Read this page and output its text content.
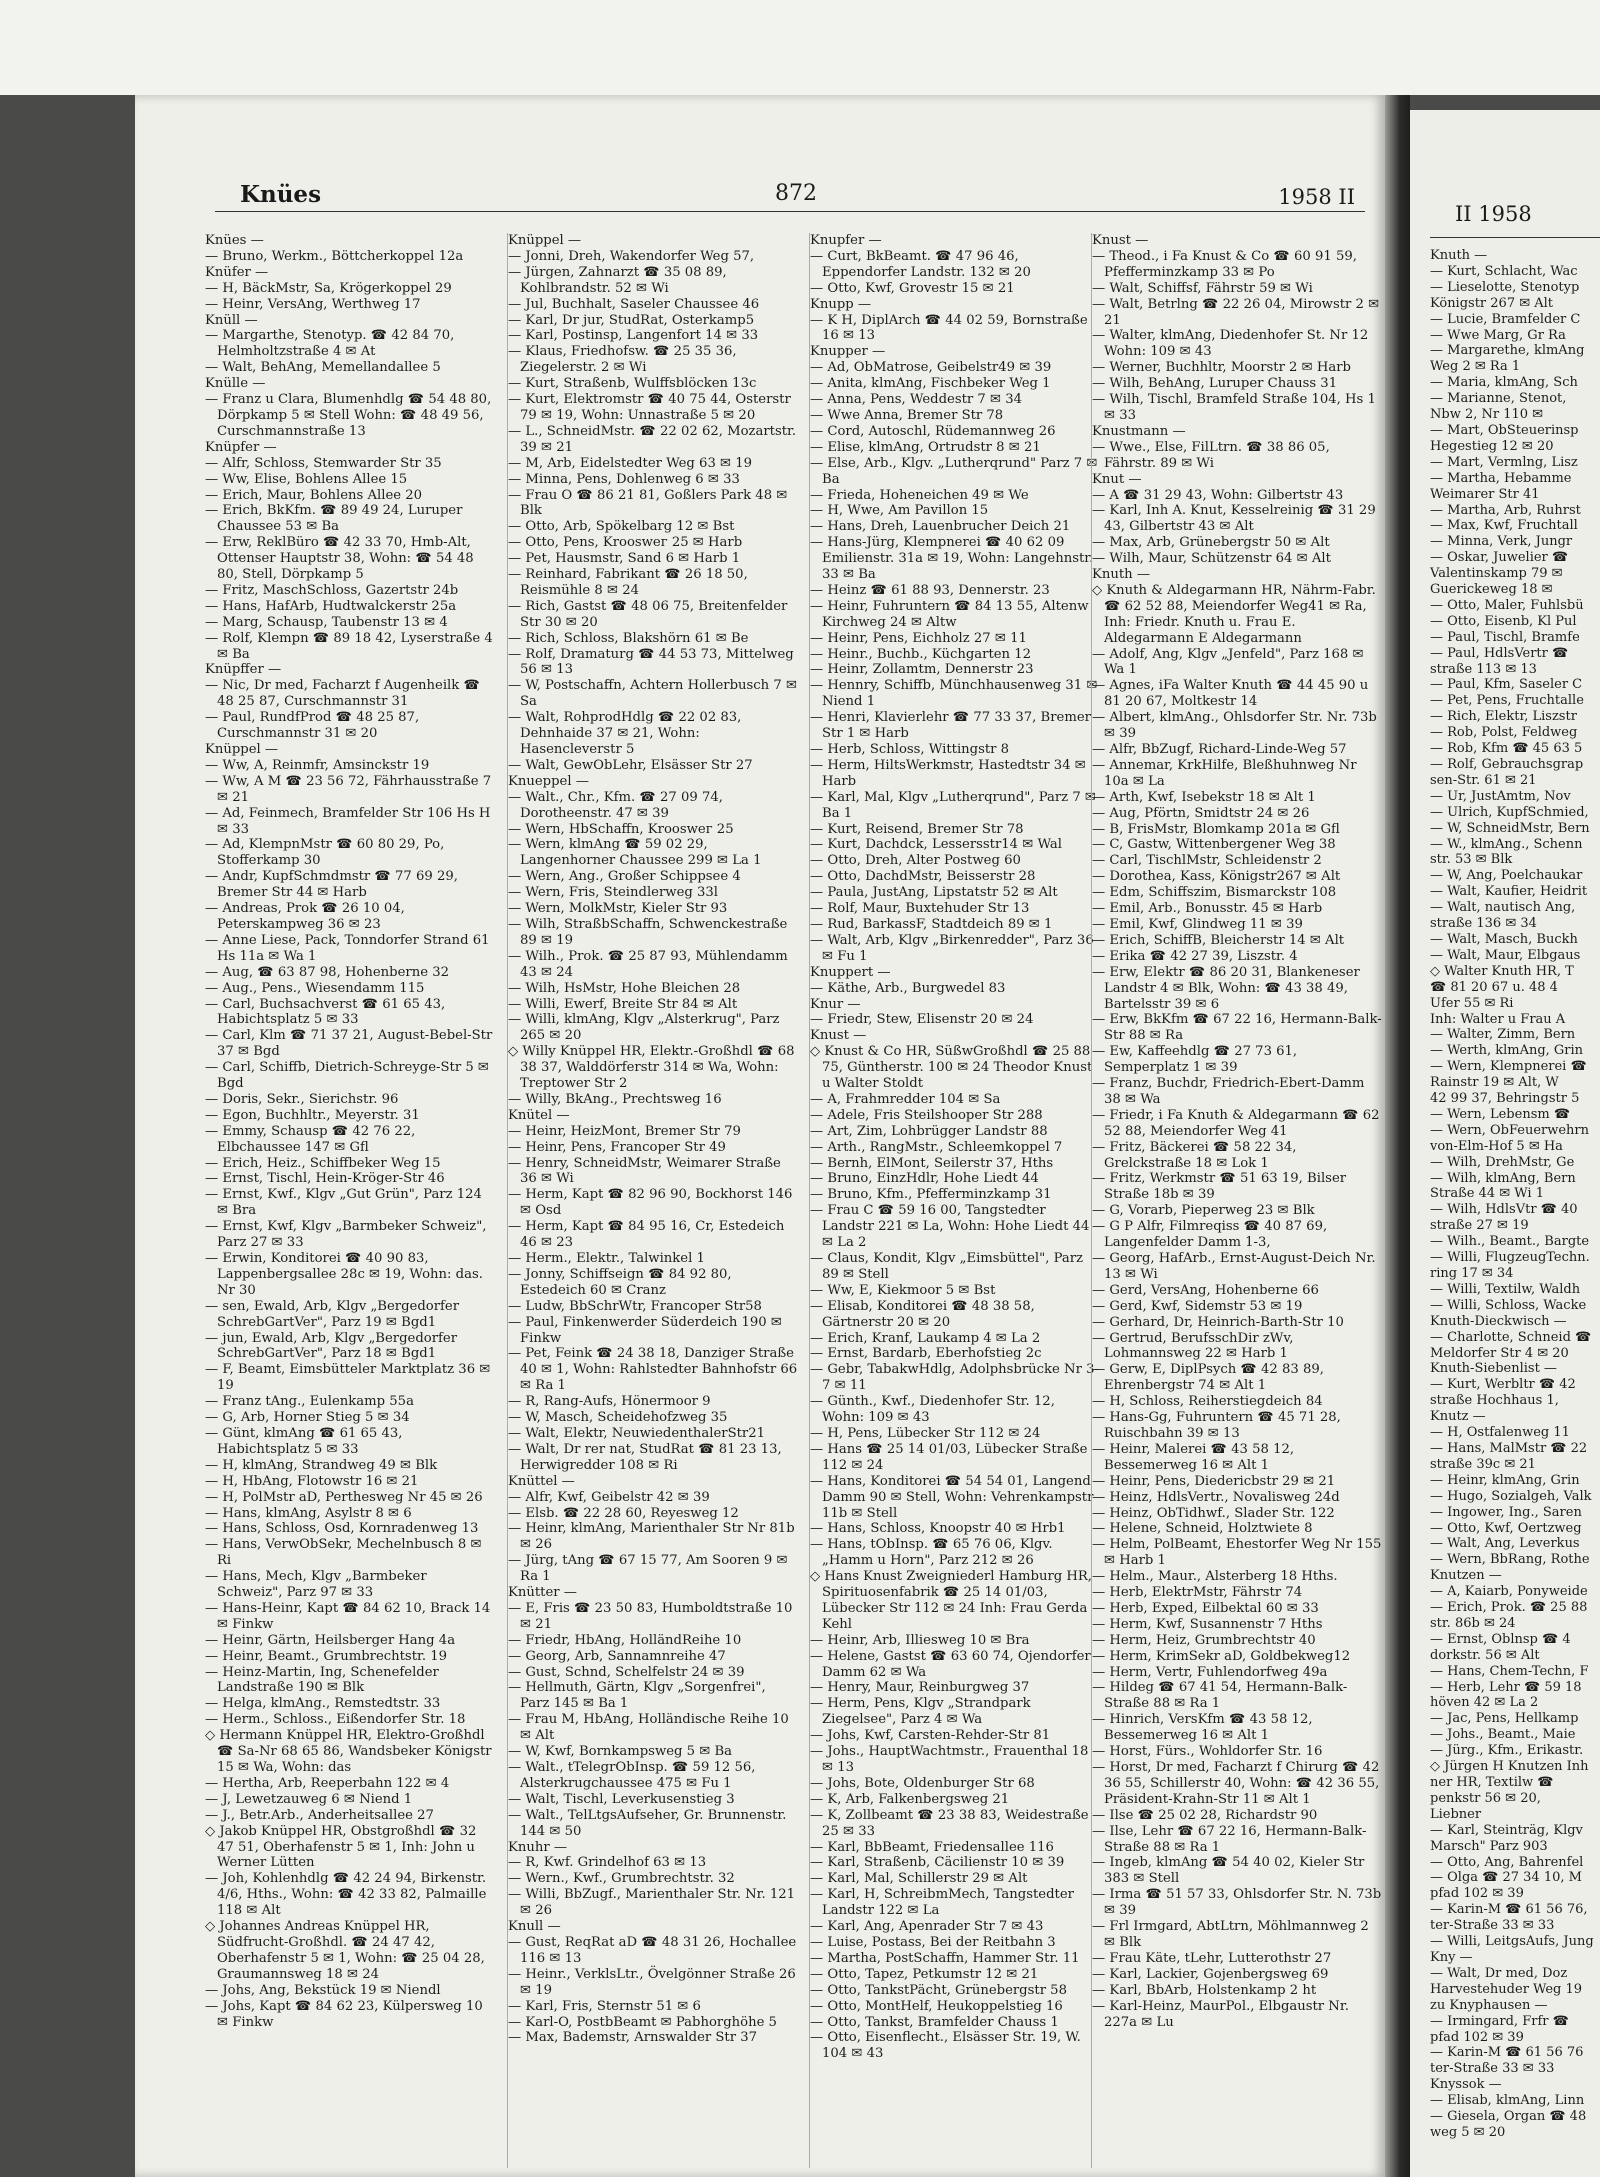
Knües	872	1958 II

Knües —

— Bruno, Werkm., Böttcherkoppel 12a

Knüfer —

— H, BäckMstr, Sa, Krögerkoppel 29

— Heinr, VersAng, Werthweg 17

Knüll —

— Margarthe, Stenotyp. ☎ 42 84 70, Helmholtzstraße 4 ✉ At

— Walt, BehAng, Memellandallee 5

Knülle —

— Franz u Clara, Blumenhdlg ☎ 54 48 80, Dörpkamp 5 ✉ Stell Wohn: ☎ 48 49 56, Curschmannstraße 13

Knüpfer —

— Alfr, Schloss, Stemwarder Str 35

— Ww, Elise, Bohlens Allee 15

— Erich, Maur, Bohlens Allee 20

— Erich, BkKfm. ☎ 89 49 24, Luruper Chaussee 53 ✉ Ba

— Erw, ReklBüro ☎ 42 33 70, Hmb-Alt, Ottenser Hauptstr 38, Wohn: ☎ 54 48 80, Stell, Dörpkamp 5

— Fritz, MaschSchloss, Gazertstr 24b

— Hans, HafArb, Hudtwalckerstr 25a

— Marg, Schausp, Taubenstr 13 ✉ 4

— Rolf, Klempn ☎ 89 18 42, Lyserstraße 4 ✉ Ba

Knüpffer —

— Nic, Dr med, Facharzt f Augenheilk ☎ 48 25 87, Curschmannstr 31

— Paul, RundfProd ☎ 48 25 87, Curschmannstr 31 ✉ 20

Knüppel —

— Ww, A, Reinmfr, Amsinckstr 19

— Ww, A M ☎ 23 56 72, Fährhausstraße 7 ✉ 21

— Ad, Feinmech, Bramfelder Str 106 Hs H ✉ 33

— Ad, KlempnMstr ☎ 60 80 29, Po, Stofferkamp 30

— Andr, KupfSchmdmstr ☎ 77 69 29, Bremer Str 44 ✉ Harb

— Andreas, Prok ☎ 26 10 04, Peterskampweg 36 ✉ 23

— Anne Liese, Pack, Tonndorfer Strand 61 Hs 11a ✉ Wa 1

— Aug, ☎ 63 87 98, Hohenberne 32

— Aug., Pens., Wiesendamm 115

— Carl, Buchsachverst ☎ 61 65 43, Habichtsplatz 5 ✉ 33

— Carl, Klm ☎ 71 37 21, August-Bebel-Str 37 ✉ Bgd

— Carl, Schiffb, Dietrich-Schreyge-Str 5 ✉ Bgd

— Doris, Sekr., Sierichstr. 96

— Egon, Buchhltr., Meyerstr. 31

— Emmy, Schausp ☎ 42 76 22, Elbchaussee 147 ✉ Gfl

— Erich, Heiz., Schiffbeker Weg 15

— Ernst, Tischl, Hein-Kröger-Str 46

— Ernst, Kwf., Klgv „Gut Grün", Parz 124 ✉ Bra

— Ernst, Kwf, Klgv „Barmbeker Schweiz", Parz 27 ✉ 33

— Erwin, Konditorei ☎ 40 90 83, Lappenbergsallee 28c ✉ 19, Wohn: das. Nr 30

— sen, Ewald, Arb, Klgv „Bergedorfer SchrebGartVer", Parz 19 ✉ Bgd1

— jun, Ewald, Arb, Klgv „Bergedorfer SchrebGartVer", Parz 18 ✉ Bgd1

— F, Beamt, Eimsbütteler Marktplatz 36 ✉ 19

— Franz tAng., Eulenkamp 55a

— G, Arb, Horner Stieg 5 ✉ 34

— Günt, klmAng ☎ 61 65 43, Habichtsplatz 5 ✉ 33

— H, klmAng, Strandweg 49 ✉ Blk

— H, HbAng, Flotowstr 16 ✉ 21

— H, PolMstr aD, Perthesweg Nr 45 ✉ 26

— Hans, klmAng, Asylstr 8 ✉ 6

— Hans, Schloss, Osd, Kornradenweg 13

— Hans, VerwObSekr, Mechelnbusch 8 ✉ Ri

— Hans, Mech, Klgv „Barmbeker Schweiz", Parz 97 ✉ 33

— Hans-Heinr, Kapt ☎ 84 62 10, Brack 14 ✉ Finkw

— Heinr, Gärtn, Heilsberger Hang 4a

— Heinr, Beamt., Grumbrechtstr. 19

— Heinz-Martin, Ing, Schenefelder Landstraße 190 ✉ Blk

— Helga, klmAng., Remstedtstr. 33

— Herm., Schloss., Eißendorfer Str. 18

◇ Hermann Knüppel HR, Elektro-Großhdl ☎ Sa-Nr 68 65 86, Wandsbeker Königstr 15 ✉ Wa, Wohn: das

— Hertha, Arb, Reeperbahn 122 ✉ 4

— J, Lewetzauweg 6 ✉ Niend 1

— J., Betr.Arb., Anderheitsallee 27

◇ Jakob Knüppel HR, Obstgroßhdl ☎ 32 47 51, Oberhafenstr 5 ✉ 1, Inh: John u Werner Lütten

— Joh, Kohlenhdlg ☎ 42 24 94, Birkenstr. 4/6, Hths., Wohn: ☎ 42 33 82, Palmaille 118 ✉ Alt

◇ Johannes Andreas Knüppel HR, Südfrucht-Großhdl. ☎ 24 47 42, Oberhafenstr 5 ✉ 1, Wohn: ☎ 25 04 28, Graumannsweg 18 ✉ 24

— Johs, Ang, Bekstück 19 ✉ Niendl

— Johs, Kapt ☎ 84 62 23, Külpersweg 10 ✉ Finkw

Knüppel —

— Jonni, Dreh, Wakendorfer Weg 57,

— Jürgen, Zahnarzt ☎ 35 08 89, Kohlbrandstr. 52 ✉ Wi

— Jul, Buchhalt, Saseler Chaussee 46

— Karl, Dr jur, StudRat, Osterkamp5

— Karl, Postinsp, Langenfort 14 ✉ 33

— Klaus, Friedhofsw. ☎ 25 35 36, Ziegelerstr. 2 ✉ Wi

— Kurt, Straßenb, Wulffsblöcken 13c

— Kurt, Elektromstr ☎ 40 75 44, Osterstr 79 ✉ 19, Wohn: Unnastraße 5 ✉ 20

— L., SchneidMstr. ☎ 22 02 62, Mozartstr. 39 ✉ 21

— M, Arb, Eidelstedter Weg 63 ✉ 19

— Minna, Pens, Dohlenweg 6 ✉ 33

— Frau O ☎ 86 21 81, Goßlers Park 48 ✉ Blk

— Otto, Arb, Spökelbarg 12 ✉ Bst

— Otto, Pens, Krooswег 25 ✉ Harb

— Pet, Hausmstr, Sand 6 ✉ Harb 1

— Reinhard, Fabrikant ☎ 26 18 50, Reismühle 8 ✉ 24

— Rich, Gastst ☎ 48 06 75, Breitenfelder Str 30 ✉ 20

— Rich, Schloss, Blakshörn 61 ✉ Be

— Rolf, Dramaturg ☎ 44 53 73, Mittelweg 56 ✉ 13

— W, Postschaffn, Achtern Hollerbusch 7 ✉ Sa

— Walt, RohprodHdlg ☎ 22 02 83, Dehnhaide 37 ✉ 21, Wohn: Hasencleverstr 5

— Walt, GewObLehr, Elsässer Str 27

Knueppel —

— Walt., Chr., Kfm. ☎ 27 09 74, Dorotheenstr. 47 ✉ 39

— Wern, HbSchaffn, Krooswег 25

— Wern, klmAng ☎ 59 02 29, Langenhorner Chaussee 299 ✉ La 1

— Wern, Ang., Großer Schippsee 4

— Wern, Fris, Steindlerweg 33l

— Wern, MolkMstr, Kieler Str 93

— Wilh, StraßbSchaffn, Schwenckestraße 89 ✉ 19

— Wilh., Prok. ☎ 25 87 93, Mühlendamm 43 ✉ 24

— Wilh, HsMstr, Hohe Bleichen 28

— Willi, Ewerf, Breite Str 84 ✉ Alt

— Willi, klmAng, Klgv „Alsterkrug", Parz 265 ✉ 20

◇ Willy Knüppel HR, Elektr.-Großhdl ☎ 68 38 37, Walddörferstr 314 ✉ Wa, Wohn: Treptower Str 2

— Willy, BkAng., Prechtsweg 16

Knütel —

— Heinr, HeizMont, Bremer Str 79

— Heinr, Pens, Francoper Str 49

— Henry, SchneidMstr, Weimarer Straße 36 ✉ Wi

— Herm, Kapt ☎ 82 96 90, Bockhorst 146 ✉ Osd

— Herm, Kapt ☎ 84 95 16, Cr, Estedeich 46 ✉ 23

— Herm., Elektr., Talwinkel 1

— Jonny, Schiffseign ☎ 84 92 80, Estedeich 60 ✉ Cranz

— Ludw, BbSchrWtr, Francoper Str58

— Paul, Finkenwerder Süderdeich 190 ✉ Finkw

— Pet, Feink ☎ 24 38 18, Danziger Straße 40 ✉ 1, Wohn: Rahlstedter Bahnhofstr 66 ✉ Ra 1

— R, Rang-Aufs, Hönermoor 9

— W, Masch, Scheidehofzweg 35

— Walt, Elektr, NeuwiedenthalerStr21

— Walt, Dr rer nat, StudRat ☎ 81 23 13, Herwigredder 108 ✉ Ri

Knüttel —

— Alfr, Kwf, Geibelstr 42 ✉ 39

— Elsb. ☎ 22 28 60, Reyesweg 12

— Heinr, klmAng, Marienthaler Str Nr 81b ✉ 26

— Jürg, tAng ☎ 67 15 77, Am Sooren 9 ✉ Ra 1

Knütter —

— E, Fris ☎ 23 50 83, Humboldtstraße 10 ✉ 21

— Friedr, HbAng, HolländReihe 10

— Georg, Arb, Sannamnreihe 47

— Gust, Schnd, Schelfelstr 24 ✉ 39

— Hellmuth, Gärtn, Klgv „Sorgenfrei", Parz 145 ✉ Ba 1

— Frau M, HbAng, Holländische Reihe 10 ✉ Alt

— W, Kwf, Bornkampsweg 5 ✉ Ba

— Walt., tTelegrObInsp. ☎ 59 12 56, Alsterkrugchaussee 475 ✉ Fu 1

— Walt, Tischl, Leverkusenstieg 3

— Walt., TelLtgsAufseher, Gr. Brunnenstr. 144 ✉ 50

Knuhr —

— R, Kwf. Grindelhof 63 ✉ 13

— Wern., Kwf., Grumbrechtstr. 32

— Willi, BbZugf., Marienthaler Str. Nr. 121 ✉ 26

Knull —

— Gust, ReqRat aD ☎ 48 31 26, Hochallee 116 ✉ 13

— Heinr., VerklsLtr., Övelgönner Straße 26 ✉ 19

— Karl, Fris, Sternstr 51 ✉ 6

— Karl-O, PostbBeamt ✉ Pabhorghöhe 5

— Max, Bademstr, Arnswalder Str 37

Knupfer —

— Curt, BkBeamt. ☎ 47 96 46, Eppendorfer Landstr. 132 ✉ 20

— Otto, Kwf, Grovestr 15 ✉ 21

Knupp —

— K H, DiplArch ☎ 44 02 59, Bornstraße 16 ✉ 13

Knupper —

— Ad, ObMatrose, Geibelstr49 ✉ 39

— Anita, klmAng, Fischbeker Weg 1

— Anna, Pens, Weddestr 7 ✉ 34

— Wwe Anna, Bremer Str 78

— Cord, Autoschl, Rüdemannweg 26

— Elise, klmAng, Ortrudstr 8 ✉ 21

— Else, Arb., Klgv. „Lutherqrund" Parz 7 ✉ Ba

— Frieda, Hoheneichen 49 ✉ We

— H, Wwe, Am Pavillon 15

— Hans, Dreh, Lauenbrucher Deich 21

— Hans-Jürg, Klempnerei ☎ 40 62 09 Emilienstr. 31a ✉ 19, Wohn: Langehnstr. 33 ✉ Ba

— Heinz ☎ 61 88 93, Dennerstr. 23

— Heinr, Fuhruntern ☎ 84 13 55, Altenw Kirchweg 24 ✉ Altw

— Heinr, Pens, Eichholz 27 ✉ 11

— Heinr., Buchb., Küchgarten 12

— Heinr, Zollamtm, Dennerstr 23

— Hennry, Schiffb, Münchhausenweg 31 ✉ Niend 1

— Henri, Klavierlehr ☎ 77 33 37, Bremer Str 1 ✉ Harb

— Herb, Schloss, Wittingstr 8

— Herm, HiltsWerkmstr, Hastedtstr 34 ✉ Harb

— Karl, Mal, Klgv „Lutherqrund", Parz 7 ✉ Ba 1

— Kurt, Reisend, Bremer Str 78

— Kurt, Dachdck, Lessersstr14 ✉ Wal

— Otto, Dreh, Alter Postweg 60

— Otto, DachdMstr, Beisserstr 28

— Paula, JustAng, Lipstatstr 52 ✉ Alt

— Rolf, Maur, Buxtehuder Str 13

— Rud, BarkassF, Stadtdeich 89 ✉ 1

— Walt, Arb, Klgv „Birkenredder", Parz 36 ✉ Fu 1

Knuppert —

— Käthe, Arb., Burgwedel 83

Knur —

— Friedr, Stew, Elisenstr 20 ✉ 24

Knust —

◇ Knust & Co HR, SüßwGroßhdl ☎ 25 88 75, Güntherstr. 100 ✉ 24 Theodor Knust u Walter Stoldt

— A, Frahmredder 104 ✉ Sa

— Adele, Fris Steilshooper Str 288

— Art, Zim, Lohbrügger Landstr 88

— Arth., RangMstr., Schleemkoppel 7

— Bernh, ElMont, Seilerstr 37, Hths

— Bruno, EinzHdlr, Hohe Liedt 44

— Bruno, Kfm., Pfefferminzkamp 31

— Frau C ☎ 59 16 00, Tangstedter Landstr 221 ✉ La, Wohn: Hohe Liedt 44 ✉ La 2

— Claus, Kondit, Klgv „Eimsbüttel", Parz 89 ✉ Stell

— Ww, E, Kiekmoor 5 ✉ Bst

— Elisab, Konditorei ☎ 48 38 58, Gärtnerstr 20 ✉ 20

— Erich, Kranf, Laukamp 4 ✉ La 2

— Ernst, Bardarb, Eberhofstieg 2c

— Gebr, TabakwHdlg, Adolphsbrücke Nr 3-7 ✉ 11

— Günth., Kwf., Diedenhofer Str. 12, Wohn: 109 ✉ 43

— H, Pens, Lübecker Str 112 ✉ 24

— Hans ☎ 25 14 01/03, Lübecker Straße 112 ✉ 24

— Hans, Konditorei ☎ 54 54 01, Langend Damm 90 ✉ Stell, Wohn: Vehrenkampstr 11b ✉ Stell

— Hans, Schloss, Knoopstr 40 ✉ Hrb1

— Hans, tObInsp. ☎ 65 76 06, Klgv. „Hamm u Horn", Parz 212 ✉ 26

◇ Hans Knust Zweigniederl Hamburg HR, Spirituosenfabrik ☎ 25 14 01/03, Lübecker Str 112 ✉ 24 Inh: Frau Gerda Kehl

— Heinr, Arb, Illiesweg 10 ✉ Bra

— Helene, Gastst ☎ 63 60 74, Ojendorfer Damm 62 ✉ Wa

— Henry, Maur, Reinburgweg 37

— Herm, Pens, Klgv „Strandpark Ziegelsee", Parz 4 ✉ Wa

— Johs, Kwf, Carsten-Rehder-Str 81

— Johs., HauptWachtmstr., Frauenthal 18 ✉ 13

— Johs, Bote, Oldenburger Str 68

— K, Arb, Falkenbergsweg 21

— K, Zollbeamt ☎ 23 38 83, Weidestraße 25 ✉ 33

— Karl, BbBeamt, Friedensallee 116

— Karl, Straßenb, Cäcilienstr 10 ✉ 39

— Karl, Mal, Schillerstr 29 ✉ Alt

— Karl, H, SchreibmMech, Tangstedter Landstr 122 ✉ La

— Karl, Ang, Apenrader Str 7 ✉ 43

— Luise, Postass, Bei der Reitbahn 3

— Martha, PostSchaffn, Hammer Str. 11

— Otto, Tapez, Petkumstr 12 ✉ 21

— Otto, TankstPächt, Grünebergstr 58

— Otto, MontHelf, Heukoppelstieg 16

— Otto, Tankst, Bramfelder Chauss 1

— Otto, Eisenflecht., Elsässer Str. 19, W. 104 ✉ 43

Knust —

— Theod., i Fa Knust & Co ☎ 60 91 59, Pfefferminzkamp 33 ✉ Po

— Walt, Schiffsf, Fährstr 59 ✉ Wi

— Walt, Betrlng ☎ 22 26 04, Mirowstr 2 ✉ 21

— Walter, klmAng, Diedenhofer St. Nr 12 Wohn: 109 ✉ 43

— Werner, Buchhltr, Moorstr 2 ✉ Harb

— Wilh, BehAng, Luruper Chauss 31

— Wilh, Tischl, Bramfeld Straße 104, Hs 1 ✉ 33

Knustmann —

— Wwe., Else, FilLtrn. ☎ 38 86 05, Fährstr. 89 ✉ Wi

Knut —

— A ☎ 31 29 43, Wohn: Gilbertstr 43

— Karl, Inh A. Knut, Kesselreinig ☎ 31 29 43, Gilbertstr 43 ✉ Alt

— Max, Arb, Grünebergstr 50 ✉ Alt

— Wilh, Maur, Schützenstr 64 ✉ Alt

Knuth —

◇ Knuth & Aldegarmann HR, Nährm-Fabr. ☎ 62 52 88, Meiendorfer Weg41 ✉ Ra, Inh: Friedr. Knuth u. Frau E. Aldegarmann E Aldegarmann

— Adolf, Ang, Klgv „Jenfeld", Parz 168 ✉ Wa 1

— Agnes, iFa Walter Knuth ☎ 44 45 90 u 81 20 67, Moltkestr 14

— Albert, klmAng., Ohlsdorfer Str. Nr. 73b ✉ 39

— Alfr, BbZugf, Richard-Linde-Weg 57

— Annemar, KrkHilfe, Bleßhuhnweg Nr 10a ✉ La

— Arth, Kwf, Isebekstr 18 ✉ Alt 1

— Aug, Pförtn, Smidtstr 24 ✉ 26

— B, FrisMstr, Blomkamp 201a ✉ Gfl

— C, Gastw, Wittenbergener Weg 38

— Carl, TischlMstr, Schleidenstr 2

— Dorothea, Kass, Königstr267 ✉ Alt

— Edm, Schiffszim, Bismarckstr 108

— Emil, Arb., Bonusstr. 45 ✉ Harb

— Emil, Kwf, Glindweg 11 ✉ 39

— Erich, SchiffB, Bleicherstr 14 ✉ Alt

— Erika ☎ 42 27 39, Liszstr. 4

— Erw, Elektr ☎ 86 20 31, Blankeneser Landstr 4 ✉ Blk, Wohn: ☎ 43 38 49, Bartelsstr 39 ✉ 6

— Erw, BkKfm ☎ 67 22 16, Hermann-Balk-Str 88 ✉ Ra

— Ew, Kaffeehdlg ☎ 27 73 61, Semperplatz 1 ✉ 39

— Franz, Buchdr, Friedrich-Ebert-Damm 38 ✉ Wa

— Friedr, i Fa Knuth & Aldegarmann ☎ 62 52 88, Meiendorfer Weg 41

— Fritz, Bäckerei ☎ 58 22 34, Grelckstraße 18 ✉ Lok 1

— Fritz, Werkmstr ☎ 51 63 19, Bilser Straße 18b ✉ 39

— G, Vorarb, Pieperweg 23 ✉ Blk

— G P Alfr, Filmreqiss ☎ 40 87 69, Langenfelder Damm 1-3,

— Georg, HafArb., Ernst-August-Deich Nr. 13 ✉ Wi

— Gerd, VersAng, Hohenberne 66

— Gerd, Kwf, Sidemstr 53 ✉ 19

— Gerhard, Dr, Heinrich-Barth-Str 10

— Gertrud, BerufsschDir zWv, Lohmannsweg 22 ✉ Harb 1

— Gerw, E, DiplPsych ☎ 42 83 89, Ehrenbergstr 74 ✉ Alt 1

— H, Schloss, Reiherstiegdeich 84

— Hans-Gg, Fuhruntern ☎ 45 71 28, Ruischbahn 39 ✉ 13

— Heinr, Malerei ☎ 43 58 12, Bessemerweg 16 ✉ Alt 1

— Heinr, Pens, Diedericbstr 29 ✉ 21

— Heinz, HdlsVertr., Novalisweg 24d

— Heinz, ObTidhwf., Slader Str. 122

— Helene, Schneid, Holztwiete 8

— Helm, PolBeamt, Ehestorfer Weg Nr 155 ✉ Harb 1

— Helm., Maur., Alsterberg 18 Hths.

— Herb, ElektrMstr, Fährstr 74

— Herb, Exped, Eilbektal 60 ✉ 33

— Herm, Kwf, Susannenstr 7 Hths

— Herm, Heiz, Grumbrechtstr 40

— Herm, KrimSekr aD, Goldbekweg12

— Herm, Vertr, Fuhlendorfweg 49a

— Hildeg ☎ 67 41 54, Hermann-Balk-Straße 88 ✉ Ra 1

— Hinrich, VersKfm ☎ 43 58 12, Bessemerweg 16 ✉ Alt 1

— Horst, Fürs., Wohldorfer Str. 16

— Horst, Dr med, Facharzt f Chirurg ☎ 42 36 55, Schillerstr 40, Wohn: ☎ 42 36 55, Präsident-Krahn-Str 11 ✉ Alt 1

— Ilse ☎ 25 02 28, Richardstr 90

— Ilse, Lehr ☎ 67 22 16, Hermann-Balk-Straße 88 ✉ Ra 1

— Ingeb, klmAng ☎ 54 40 02, Kieler Str 383 ✉ Stell

— Irma ☎ 51 57 33, Ohlsdorfer Str. N. 73b ✉ 39

— Frl Irmgard, AbtLtrn, Möhlmannweg 2 ✉ Blk

— Frau Käte, tLehr, Lutterothstr 27

— Karl, Lackier, Gojenbergsweg 69

— Karl, BbArb, Holstenkamp 2 ht

— Karl-Heinz, MaurPol., Elbgaustr Nr. 227a ✉ Lu

II 1958
Knuth —
— Kurt, Schlacht, Wac
— Lieselotte, Stenotyp
Königstr 267 ✉ Alt
— Lucie, Bramfelder C
— Wwe Marg, Gr Ra
— Margarethe, klmAng
Weg 2 ✉ Ra 1
— Maria, klmAng, Sch
— Marianne, Stenot,
Nbw 2, Nr 110 ✉
— Mart, ObSteuerinsp
Hegestieg 12 ✉ 20
— Mart, Vermlng, Lisz
— Martha, Hebamme
Weimarer Str 41
— Martha, Arb, Ruhrst
— Max, Kwf, Fruchtall
— Minna, Verk, Jungr
— Oskar, Juwelier ☎
Valentinskamp 79 ✉
Guerickeweg 18 ✉
— Otto, Maler, Fuhlsbü
— Otto, Eisenb, Kl Pul
— Paul, Tischl, Bramfe
— Paul, HdlsVertr ☎
straße 113 ✉ 13
— Paul, Kfm, Saseler C
— Pet, Pens, Fruchtalle
— Rich, Elektr, Liszstr
— Rob, Polst, Feldweg
— Rob, Kfm ☎ 45 63 5
— Rolf, Gebrauchsgrap
sen-Str. 61 ✉ 21
— Ur, JustAmtm, Nov
— Ulrich, KupfSchmied,
— W, SchneidMstr, Bern
— W., klmAng., Schenn
str. 53 ✉ Blk
— W, Ang, Poelchaukar
— Walt, Kaufier, Heidrit
— Walt, nautisch Ang,
straße 136 ✉ 34
— Walt, Masch, Buckh
— Walt, Maur, Elbgaus
◇ Walter Knuth HR, T
☎ 81 20 67 u. 48 4
Ufer 55 ✉ Ri
Inh: Walter u Frau A
— Walter, Zimm, Bern
— Werth, klmAng, Grin
— Wern, Klempnerei ☎
Rainstr 19 ✉ Alt, W
42 99 37, Behringstr 5
— Wern, Lebensm ☎
— Wern, ObFeuerwehrn
von-Elm-Hof 5 ✉ Ha
— Wilh, DrehMstr, Ge
— Wilh, klmAng, Bern
Straße 44 ✉ Wi 1
— Wilh, HdlsVtr ☎ 40
straße 27 ✉ 19
— Wilh., Beamt., Bargte
— Willi, FlugzeugTechn.
ring 17 ✉ 34
— Willi, Textilw, Waldh
— Willi, Schloss, Wacke
Knuth-Dieckwisch —
— Charlotte, Schneid ☎
Meldorfer Str 4 ✉ 20
Knuth-Siebenlist —
— Kurt, Werbltr ☎ 42
straße Hochhaus 1,
Knutz —
— H, Ostfalenweg 11
— Hans, MalMstr ☎ 22
straße 39c ✉ 21
— Heinr, klmAng, Grin
— Hugo, Sozialgeh, Valk
— Ingower, Ing., Saren
— Otto, Kwf, Oertzweg
— Walt, Ang, Leverkus
— Wern, BbRang, Rothe
Knutzen —
— A, Kaiarb, Ponyweide
— Erich, Prok. ☎ 25 88
str. 86b ✉ 24
— Ernst, Oblnsp ☎ 4
dorkstr. 56 ✉ Alt
— Hans, Chem-Techn, F
— Herb, Lehr ☎ 59 18
höven 42 ✉ La 2
— Jac, Pens, Hellkamp
— Johs., Beamt., Maie
— Jürg., Kfm., Erikastr.
◇ Jürgen H Knutzen Inh
ner HR, Textilw ☎
penkstr 56 ✉ 20,
Liebner
— Karl, Steinträg, Klgv
Marsch" Parz 903
— Otto, Ang, Bahrenfel
— Olga ☎ 27 34 10, M
pfad 102 ✉ 39
— Karin-M ☎ 61 56 76,
ter-Straße 33 ✉ 33
— Willi, LeitgsAufs, Jung
Kny —
— Walt, Dr med, Doz
Harvestehuder Weg 19
zu Knyphausen —
— Irmingard, Frfr ☎
pfad 102 ✉ 39
— Karin-M ☎ 61 56 76
ter-Straße 33 ✉ 33
Knyssok —
— Elisab, klmAng, Linn
— Giesela, Organ ☎ 48
weg 5 ✉ 20
